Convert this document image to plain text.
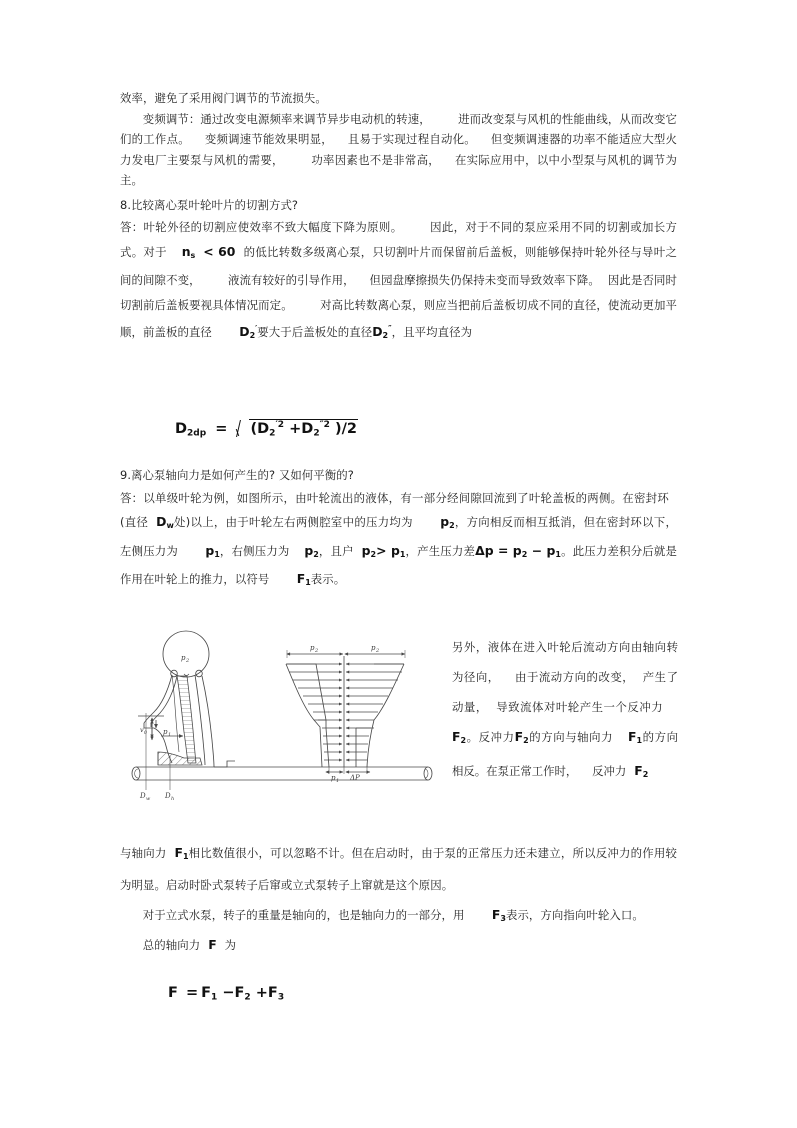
效率，避免了采用阀门调节的节流损失。

变频调节：通过改变电源频率来调节异步电动机的转速， 进而改变泵与风机的性能曲线，从而改变它们的工作点。 变频调速节能效果明显， 且易于实现过程自动化。 但变频调速器的功率不能适应大型火力发电厂主要泵与风机的需要， 功率因素也不是非常高， 在实际应用中，以中小型泵与风机的调节为主。

8.比较离心泵叶轮叶片的切割方式?

答：叶轮外径的切割应使效率不致大幅度下降为原则。 因此，对于不同的泵应采用不同的切割或加长方式。对于 $n_s < 60$ 的低比转数多级离心泵，只切割叶片而保留前后盖板，则能够保持叶轮外径与导叶之间的间隙不变， 液流有较好的引导作用， 但园盘摩擦损失仍保持未变而导致效率下降。 因此是否同时切割前后盖板要视具体情况而定。 对高比转数离心泵，则应当把前后盖板切成不同的直径，使流动更加平顺，前盖板的直径 $D_2'$要大于后盖板处的直径$D_2''$，且平均直径为

$D_{2dp} = (D_2^{'2} +D_2^{''2}$ )/2

9.离心泵轴向力是如何产生的? 又如何平衡的?

答：以单级叶轮为例，如图所示，由叶轮流出的液体，有一部分经间隙回流到了叶轮盖板的两侧。在密封环(直径 $D_w$处)以上，由于叶轮左右两侧腔室中的压力均为 $p_2$，方向相反而相互抵消，但在密封环以下，左侧压力为 $p_1$，右侧压力为 $p_2$，且户 $p_2> p_1$，产生压力差$\Delta p = p_2 - p_1$。此压力差积分后就是作用在叶轮上的推力，以符号 $F_1$表示。

p 2
p 1
v 0
D w D h
p 2	p 2
p 1 ΔP
另外，液体在进入叶轮后流动方向由轴向转为径向， 由于流动方向的改变， 产生了动量， 导致流体对叶轮产生一个反冲力$F_2$。反冲力$F_2$的方向与轴向力 $F_1$的方向相反。在泵正常工作时， 反冲力 $F_2$

与轴向力 $F_1$相比数值很小，可以忽略不计。但在启动时，由于泵的正常压力还未建立，所以反冲力的作用较为明显。启动时卧式泵转子后窜或立式泵转子上窜就是这个原因。

对于立式水泵，转子的重量是轴向的，也是轴向力的一部分，用 $F_3$表示，方向指向叶轮入口。

总的轴向力 F 为

$F = F_1 -F_2 +F_3$
